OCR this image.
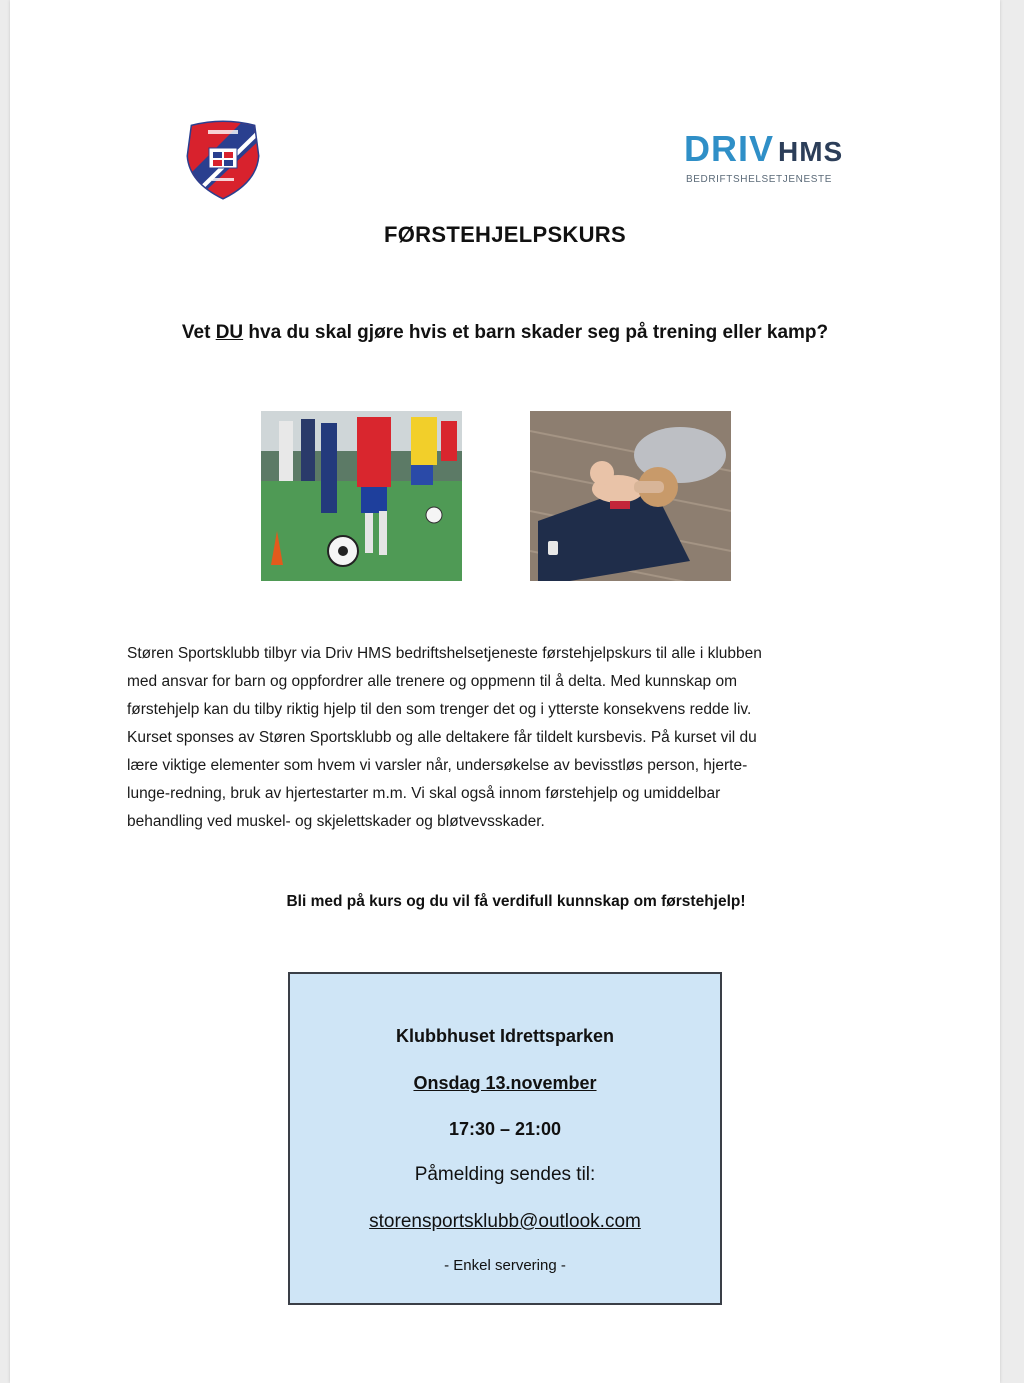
DRIV HMS
BEDRIFTSHELSETJENESTE
FØRSTEHJELPSKURS
Vet DU hva du skal gjøre hvis et barn skader seg på trening eller kamp?
Støren Sportsklubb tilbyr via Driv HMS bedriftshelsetjeneste førstehjelpskurs til alle i klubben
med ansvar for barn og oppfordrer alle trenere og oppmenn til å delta. Med kunnskap om
førstehjelp kan du tilby riktig hjelp til den som trenger det og i ytterste konsekvens redde liv.
Kurset sponses av Støren Sportsklubb og alle deltakere får tildelt kursbevis. På kurset vil du
lære viktige elementer som hvem vi varsler når, undersøkelse av bevisstløs person, hjerte-
lunge-redning, bruk av hjertestarter m.m. Vi skal også innom førstehjelp og umiddelbar
behandling ved muskel- og skjelettskader og bløtvevsskader.
Bli med på kurs og du vil få verdifull kunnskap om førstehjelp!
Klubbhuset Idrettsparken
Onsdag 13.november
17:30 – 21:00
Påmelding sendes til:
storensportsklubb@outlook.com
- Enkel servering -
